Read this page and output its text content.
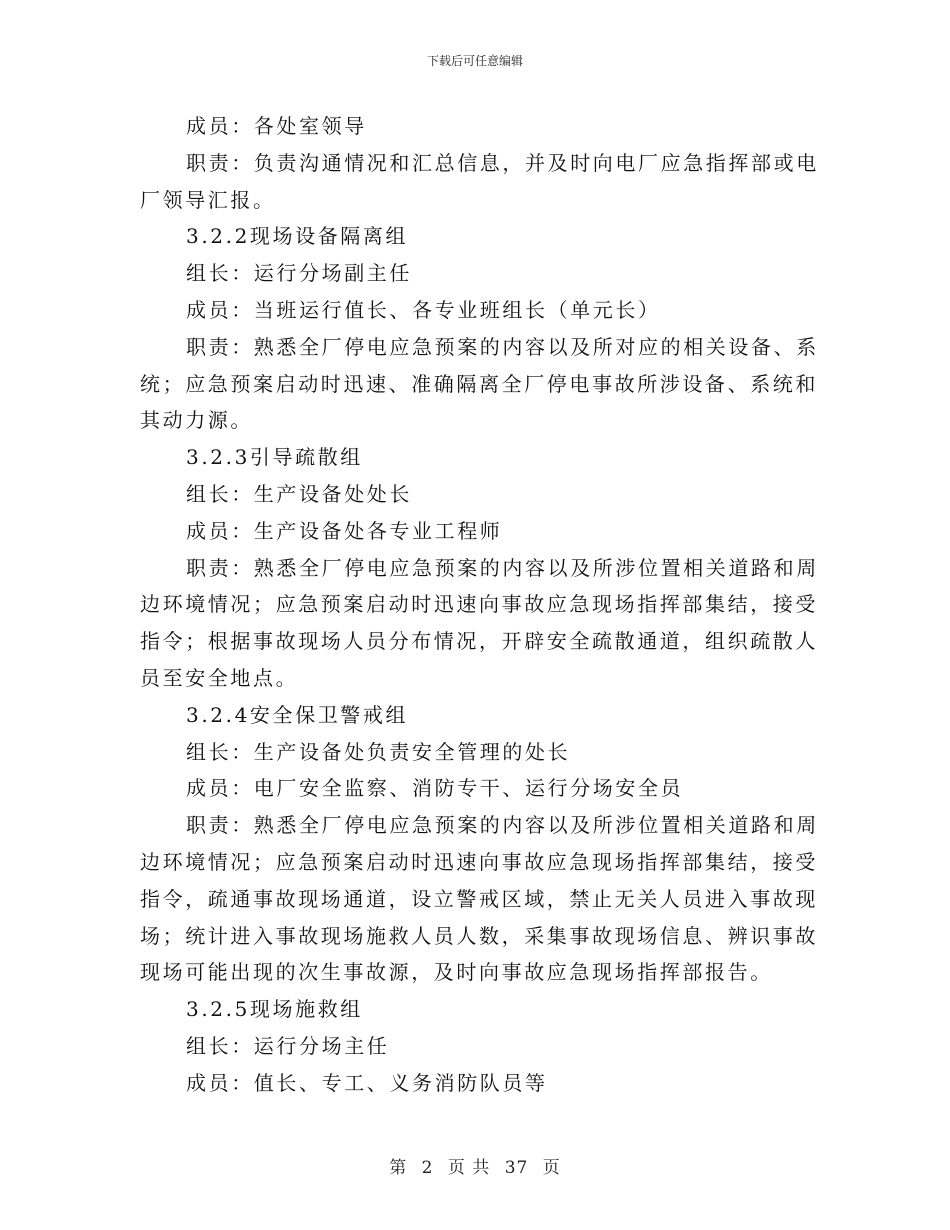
下载后可任意编辑
成员：各处室领导
职责：负责沟通情况和汇总信息，并及时向电厂应急指挥部或电
厂领导汇报。
3.2.2现场设备隔离组
组长：运行分场副主任
成员：当班运行值长、各专业班组长（单元长）
职责：熟悉全厂停电应急预案的内容以及所对应的相关设备、系
统；应急预案启动时迅速、准确隔离全厂停电事故所涉设备、系统和
其动力源。
3.2.3引导疏散组
组长：生产设备处处长
成员：生产设备处各专业工程师
职责：熟悉全厂停电应急预案的内容以及所涉位置相关道路和周
边环境情况；应急预案启动时迅速向事故应急现场指挥部集结，接受
指令；根据事故现场人员分布情况，开辟安全疏散通道，组织疏散人
员至安全地点。
3.2.4安全保卫警戒组
组长：生产设备处负责安全管理的处长
成员：电厂安全监察、消防专干、运行分场安全员
职责：熟悉全厂停电应急预案的内容以及所涉位置相关道路和周
边环境情况；应急预案启动时迅速向事故应急现场指挥部集结，接受
指令，疏通事故现场通道，设立警戒区域，禁止无关人员进入事故现
场；统计进入事故现场施救人员人数，采集事故现场信息、辨识事故
现场可能出现的次生事故源，及时向事故应急现场指挥部报告。
3.2.5现场施救组
组长：运行分场主任
成员：值长、专工、义务消防队员等
第 2 页 共 37 页
